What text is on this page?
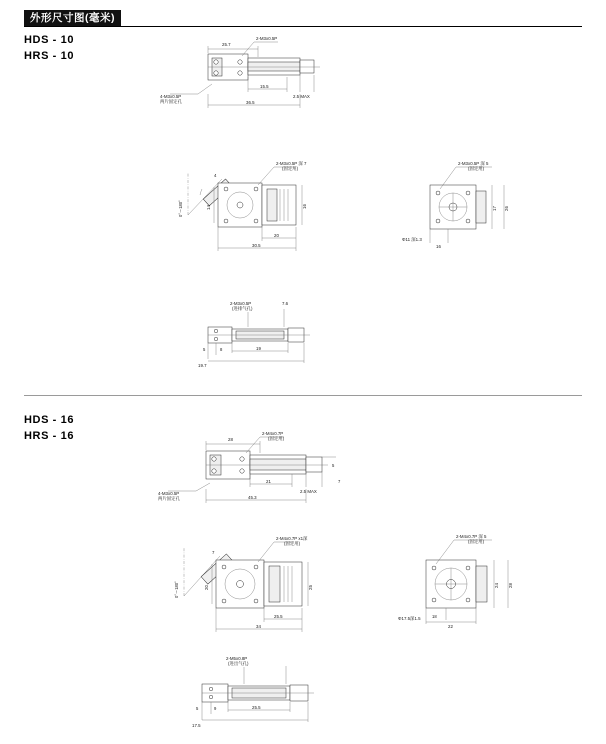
外形尺寸图(毫米)
HDS - 10
HRS - 10
2-M3x0.5P
4-M3x0.5P
两片固定孔
25.7
15.5
2.5 MAX
36.5
2-M3x0.5P 深 7
(固定用)
4
0°～180°	14	16
20
30.5
2-M3x0.5P 深 5
(固定用)
17 26
Φ11 深1.3
16
2-M3x0.5P
(进排气孔)
7.6
5	8	19
19.7
HDS - 16
HRS - 16	2-M4x0.7P
(固定用)
4-M3x0.5P
两片固定孔
28
5
7
21
2.5 MAX
45.3
2-M4x0.7P x1深
(固定用)
7
0°～180°	20	25
25.5
34
2-M4x0.7P 深 5
(固定用)
24 28
Φ17.5深1.5	18
22
2-M5x0.8P
(进出气孔)
5	9	25.5
17.5
